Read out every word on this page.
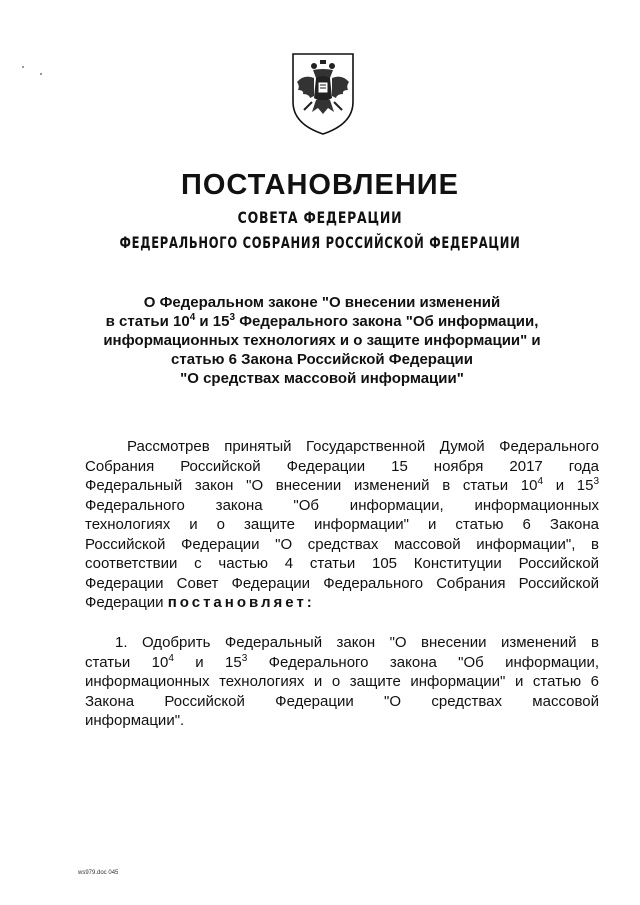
ПОСТАНОВЛЕНИЕ
СОВЕТА ФЕДЕРАЦИИ
ФЕДЕРАЛЬНОГО СОБРАНИЯ РОССИЙСКОЙ ФЕДЕРАЦИИ
О Федеральном законе "О внесении изменений
в статьи $10^4$ и $15^3$ Федерального закона "Об информации,
информационных технологиях и о защите информации" и
статью 6 Закона Российской Федерации
"О средствах массовой информации"
Рассмотрев принятый Государственной Думой Федерального
Собрания Российской Федерации 15 ноября 2017 года
Федеральный закон "О внесении изменений в статьи $10^4$ и $15^3$
Федерального закона "Об информации, информационных
технологиях и о защите информации" и статью 6 Закона
Российской Федерации "О средствах массовой информации", в
соответствии с частью 4 статьи 105 Конституции Российской
Федерации Совет Федерации Федерального Собрания Российской
Федерации постановляет:
1. Одобрить Федеральный закон "О внесении изменений в
статьи $10^4$ и $15^3$ Федерального закона "Об информации,
информационных технологиях и о защите информации" и статью 6
Закона Российской Федерации "О средствах массовой
информации".
ws979.doc 045
